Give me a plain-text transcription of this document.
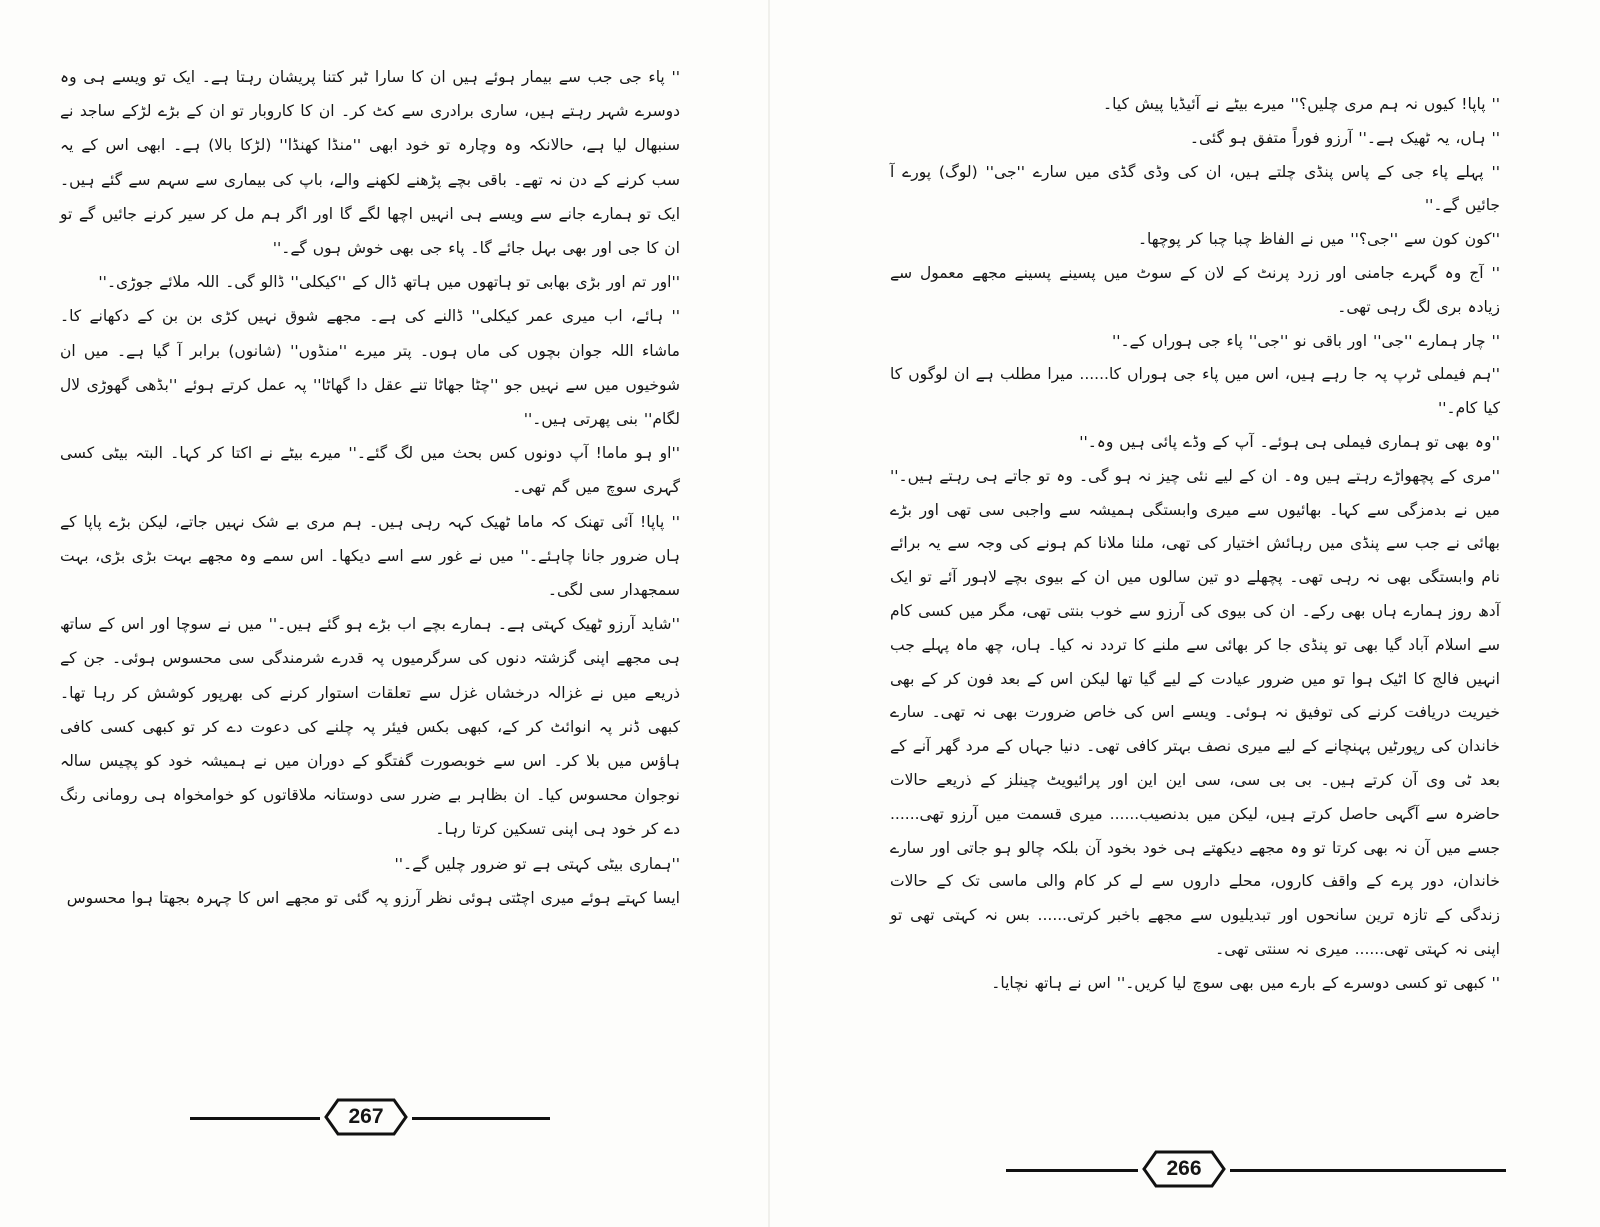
'' پاء جی جب سے بیمار ہوئے ہیں ان کا سارا ٹبر کتنا پریشان رہتا ہے۔ ایک تو ویسے ہی وہ دوسرے شہر رہتے ہیں، ساری برادری سے کٹ کر۔ ان کا کاروبار تو ان کے بڑے لڑکے ساجد نے سنبھال لیا ہے، حالانکہ وہ وچارہ تو خود ابھی ''منڈا کھنڈا'' (لڑکا بالا) ہے۔ ابھی اس کے یہ سب کرنے کے دن نہ تھے۔ باقی بچے پڑھنے لکھنے والے، باپ کی بیماری سے سہم سے گئے ہیں۔ ایک تو ہمارے جانے سے ویسے ہی انہیں اچھا لگے گا اور اگر ہم مل کر سیر کرنے جائیں گے تو ان کا جی اور بھی بہل جائے گا۔ پاء جی بھی خوش ہوں گے۔''

''اور تم اور بڑی بھابی تو ہاتھوں میں ہاتھ ڈال کے ''کیکلی'' ڈالو گی۔ اللہ ملائے جوڑی۔''

'' ہائے، اب میری عمر کیکلی'' ڈالنے کی ہے۔ مجھے شوق نہیں کڑی بن بن کے دکھانے کا۔ ماشاء اللہ جوان بچوں کی ماں ہوں۔ پتر میرے ''منڈوں'' (شانوں) برابر آ گیا ہے۔ میں ان شوخیوں میں سے نہیں جو ''چٹا جھاٹا تنے عقل دا گھاٹا'' پہ عمل کرتے ہوئے ''بڈھی گھوڑی لال لگام'' بنی پھرتی ہیں۔''

''او ہو ماما! آپ دونوں کس بحث میں لگ گئے۔'' میرے بیٹے نے اکتا کر کہا۔ البتہ بیٹی کسی گہری سوچ میں گم تھی۔

'' پاپا! آئی تھنک کہ ماما ٹھیک کہہ رہی ہیں۔ ہم مری بے شک نہیں جاتے، لیکن بڑے پاپا کے ہاں ضرور جانا چاہئے۔'' میں نے غور سے اسے دیکھا۔ اس سمے وہ مجھے بہت بڑی بڑی، بہت سمجھدار سی لگی۔

''شاید آرزو ٹھیک کہتی ہے۔ ہمارے بچے اب بڑے ہو گئے ہیں۔'' میں نے سوچا اور اس کے ساتھ ہی مجھے اپنی گزشتہ دنوں کی سرگرمیوں پہ قدرے شرمندگی سی محسوس ہوئی۔ جن کے ذریعے میں نے غزالہ درخشاں غزل سے تعلقات استوار کرنے کی بھرپور کوشش کر رہا تھا۔ کبھی ڈنر پہ انوائٹ کر کے، کبھی بکس فیئر پہ چلنے کی دعوت دے کر تو کبھی کسی کافی ہاؤس میں بلا کر۔ اس سے خوبصورت گفتگو کے دوران میں نے ہمیشہ خود کو پچیس سالہ نوجوان محسوس کیا۔ ان بظاہر بے ضرر سی دوستانہ ملاقاتوں کو خوامخواہ ہی رومانی رنگ دے کر خود ہی اپنی تسکین کرتا رہا۔

''ہماری بیٹی کہتی ہے تو ضرور چلیں گے۔''

ایسا کہتے ہوئے میری اچٹتی ہوئی نظر آرزو پہ گئی تو مجھے اس کا چہرہ بجھتا ہوا محسوس

267

'' پاپا! کیوں نہ ہم مری چلیں؟'' میرے بیٹے نے آئیڈیا پیش کیا۔

'' ہاں، یہ ٹھیک ہے۔'' آرزو فوراً متفق ہو گئی۔

'' پہلے پاء جی کے پاس پنڈی چلتے ہیں، ان کی وڈی گڈی میں سارے ''جی'' (لوگ) پورے آ جائیں گے۔''

''کون کون سے ''جی؟'' میں نے الفاظ چبا چبا کر پوچھا۔

'' آج وہ گہرے جامنی اور زرد پرنٹ کے لان کے سوٹ میں پسینے پسینے مجھے معمول سے زیادہ بری لگ رہی تھی۔

'' چار ہمارے ''جی'' اور باقی نو ''جی'' پاء جی ہوراں کے۔''

''ہم فیملی ٹرپ پہ جا رہے ہیں، اس میں پاء جی ہوراں کا...... میرا مطلب ہے ان لوگوں کا کیا کام۔''

''وہ بھی تو ہماری فیملی ہی ہوئے۔ آپ کے وڈے پائی ہیں وہ۔''

''مری کے پچھواڑے رہتے ہیں وہ۔ ان کے لیے نئی چیز نہ ہو گی۔ وہ تو جاتے ہی رہتے ہیں۔'' میں نے بدمزگی سے کہا۔ بھائیوں سے میری وابستگی ہمیشہ سے واجبی سی تھی اور بڑے بھائی نے جب سے پنڈی میں رہائش اختیار کی تھی، ملنا ملانا کم ہونے کی وجہ سے یہ برائے نام وابستگی بھی نہ رہی تھی۔ پچھلے دو تین سالوں میں ان کے بیوی بچے لاہور آئے تو ایک آدھ روز ہمارے ہاں بھی رکے۔ ان کی بیوی کی آرزو سے خوب بنتی تھی، مگر میں کسی کام سے اسلام آباد گیا بھی تو پنڈی جا کر بھائی سے ملنے کا تردد نہ کیا۔ ہاں، چھ ماہ پہلے جب انہیں فالج کا اٹیک ہوا تو میں ضرور عیادت کے لیے گیا تھا لیکن اس کے بعد فون کر کے بھی خیریت دریافت کرنے کی توفیق نہ ہوئی۔ ویسے اس کی خاص ضرورت بھی نہ تھی۔ سارے خاندان کی رپورٹیں پہنچانے کے لیے میری نصف بہتر کافی تھی۔ دنیا جہاں کے مرد گھر آنے کے بعد ٹی وی آن کرتے ہیں۔ بی بی سی، سی این این اور پرائیویٹ چینلز کے ذریعے حالات حاضرہ سے آگہی حاصل کرتے ہیں، لیکن میں بدنصیب...... میری قسمت میں آرزو تھی...... جسے میں آن نہ بھی کرتا تو وہ مجھے دیکھتے ہی خود بخود آن بلکہ چالو ہو جاتی اور سارے خاندان، دور پرے کے واقف کاروں، محلے داروں سے لے کر کام والی ماسی تک کے حالات زندگی کے تازہ ترین سانحوں اور تبدیلیوں سے مجھے باخبر کرتی...... بس نہ کہتی تھی تو اپنی نہ کہتی تھی...... میری نہ سنتی تھی۔

'' کبھی تو کسی دوسرے کے بارے میں بھی سوچ لیا کریں۔'' اس نے ہاتھ نچایا۔

266
